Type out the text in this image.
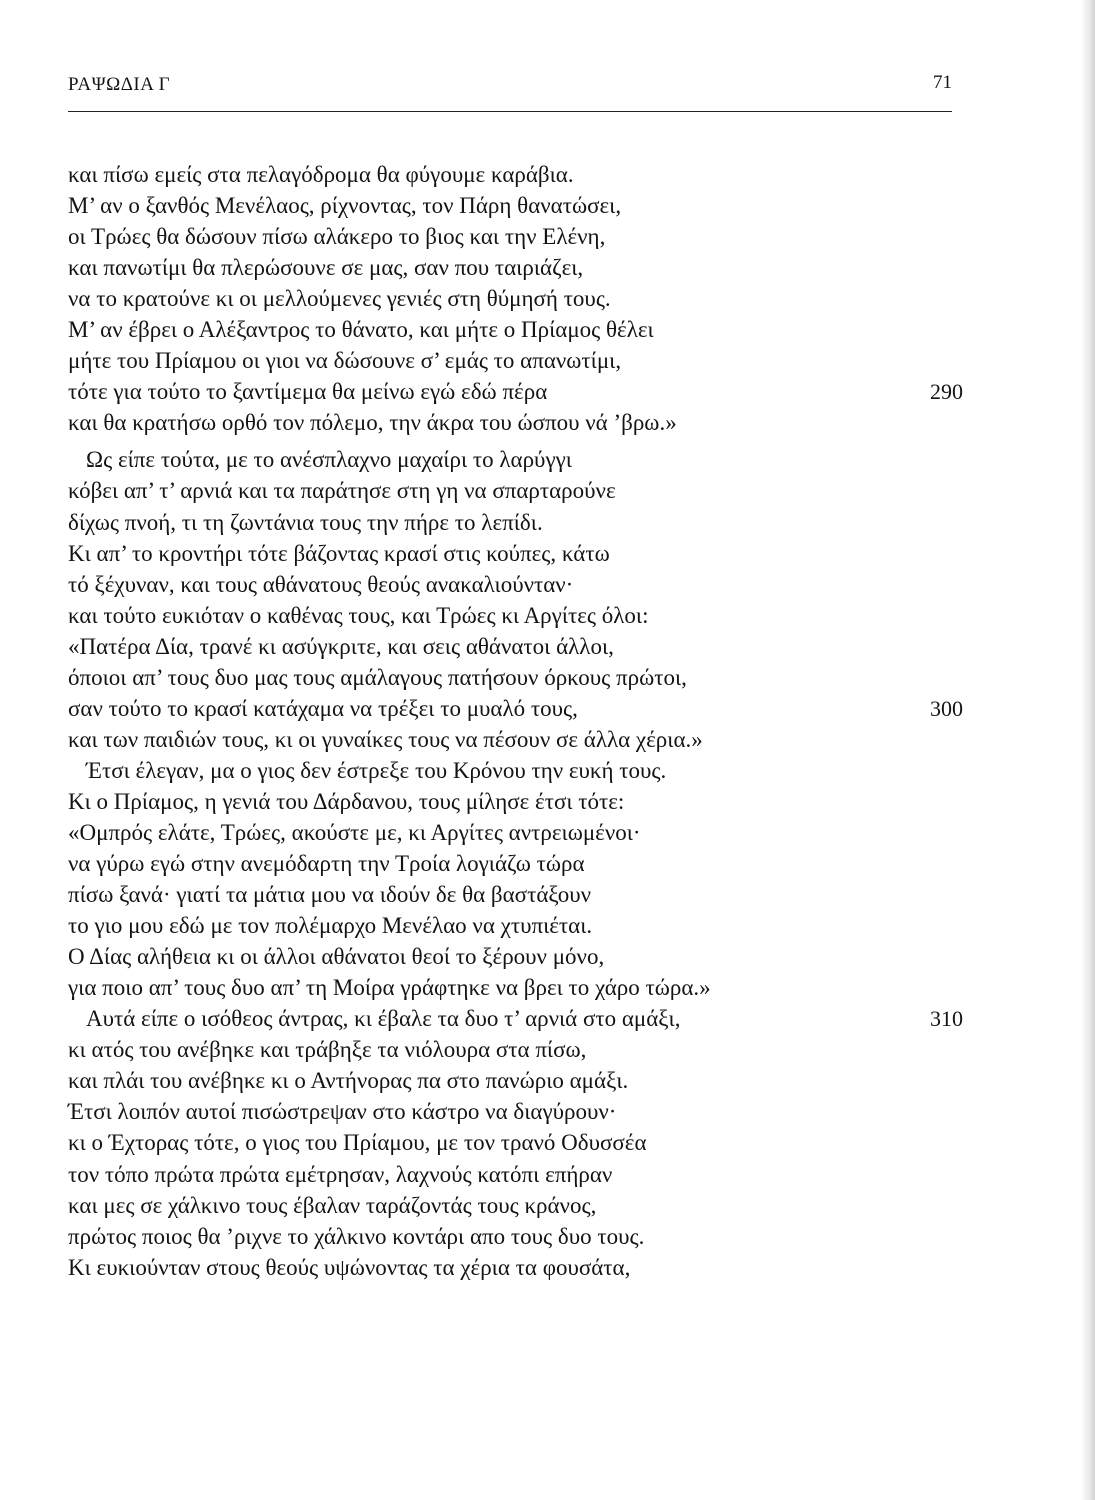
ΡΑΨΩΔΙΑ Γ	71
και πίσω εμείς στα πελαγόδρομα θα φύγουμε καράβια.
Μ’ αν ο ξανθός Μενέλαος, ρίχνοντας, τον Πάρη θανατώσει,
οι Τρώες θα δώσουν πίσω αλάκερο το βιος και την Ελένη,
και πανωτίμι θα πλερώσουνε σε μας, σαν που ταιριάζει,
να το κρατούνε κι οι μελλούμενες γενιές στη θύμησή τους.
Μ’ αν έβρει ο Αλέξαντρος το θάνατο, και μήτε ο Πρίαμος θέλει
μήτε του Πρίαμου οι γιοι να δώσουνε σ’ εμάς το απανωτίμι,
τότε για τούτο το ξαντίμεμα θα μείνω εγώ εδώ πέρα	290
και θα κρατήσω ορθό τον πόλεμο, την άκρα του ώσπου νά ’βρω.»
Ως είπε τούτα, με το ανέσπλαχνο μαχαίρι το λαρύγγι
κόβει απ’ τ’ αρνιά και τα παράτησε στη γη να σπαρταρούνε
δίχως πνοή, τι τη ζωντάνια τους την πήρε το λεπίδι.
Κι απ’ το κροντήρι τότε βάζοντας κρασί στις κούπες, κάτω
τό ξέχυναν, και τους αθάνατους θεούς ανακαλιούνταν·
και τούτο ευκιόταν ο καθένας τους, και Τρώες κι Αργίτες όλοι:
«Πατέρα Δία, τρανέ κι ασύγκριτε, και σεις αθάνατοι άλλοι,
όποιοι απ’ τους δυο μας τους αμάλαγους πατήσουν όρκους πρώτοι,
σαν τούτο το κρασί κατάχαμα να τρέξει το μυαλό τους,	300
και των παιδιών τους, κι οι γυναίκες τους να πέσουν σε άλλα χέρια.»
Έτσι έλεγαν, μα ο γιος δεν έστρεξε του Κρόνου την ευκή τους.
Κι ο Πρίαμος, η γενιά του Δάρδανου, τους μίλησε έτσι τότε:
«Ομπρός ελάτε, Τρώες, ακούστε με, κι Αργίτες αντρειωμένοι·
να γύρω εγώ στην ανεμόδαρτη την Τροία λογιάζω τώρα
πίσω ξανά· γιατί τα μάτια μου να ιδούν δε θα βαστάξουν
το γιο μου εδώ με τον πολέμαρχο Μενέλαο να χτυπιέται.
Ο Δίας αλήθεια κι οι άλλοι αθάνατοι θεοί το ξέρουν μόνο,
για ποιο απ’ τους δυο απ’ τη Μοίρα γράφτηκε να βρει το χάρο τώρα.»
Αυτά είπε ο ισόθεος άντρας, κι έβαλε τα δυο τ’ αρνιά στο αμάξι,	310
κι ατός του ανέβηκε και τράβηξε τα νιόλουρα στα πίσω,
και πλάι του ανέβηκε κι ο Αντήνορας πα στο πανώριο αμάξι.
Έτσι λοιπόν αυτοί πισώστρεψαν στο κάστρο να διαγύρουν·
κι ο Έχτορας τότε, ο γιος του Πρίαμου, με τον τρανό Οδυσσέα
τον τόπο πρώτα πρώτα εμέτρησαν, λαχνούς κατόπι επήραν
και μες σε χάλκινο τους έβαλαν ταράζοντάς τους κράνος,
πρώτος ποιος θα ’ριχνε το χάλκινο κοντάρι απο τους δυο τους.
Κι ευκιούνταν στους θεούς υψώνοντας τα χέρια τα φουσάτα,
